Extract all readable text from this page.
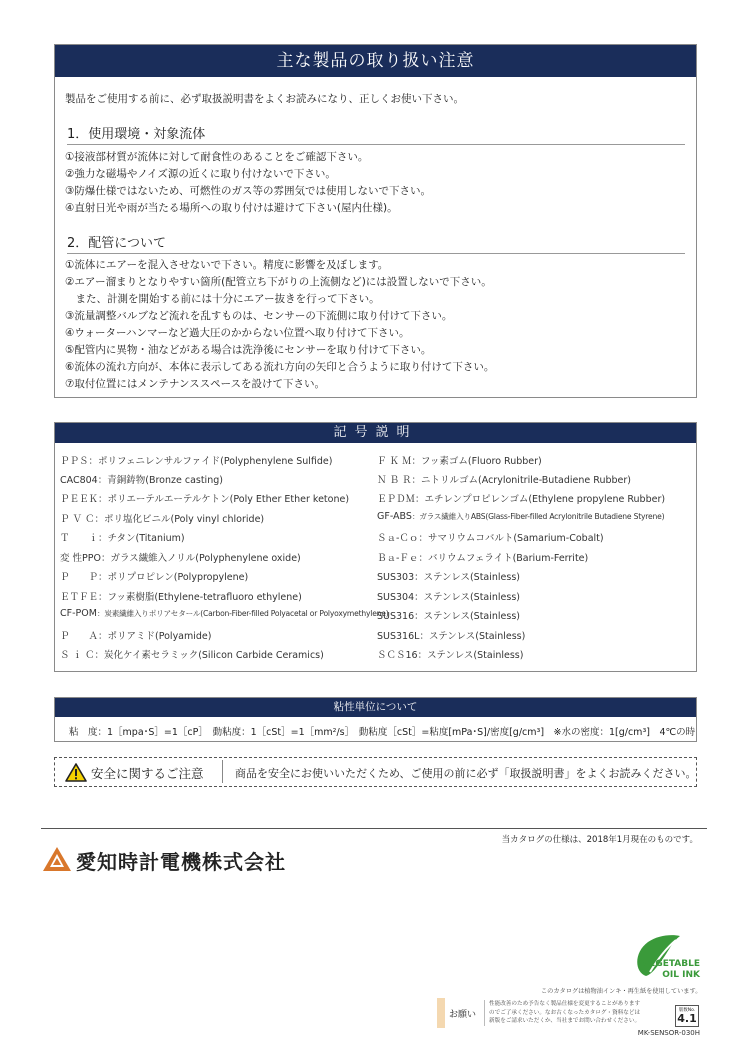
主な製品の取り扱い注意
製品をご使用する前に、必ず取扱説明書をよくお読みになり、正しくお使い下さい。
1．使用環境・対象流体
①接液部材質が流体に対して耐食性のあることをご確認下さい。
②強力な磁場やノイズ源の近くに取り付けないで下さい。
③防爆仕様ではないため、可燃性のガス等の雰囲気では使用しないで下さい。
④直射日光や雨が当たる場所への取り付けは避けて下さい(屋内仕様)。
2．配管について
①流体にエアーを混入させないで下さい。精度に影響を及ぼします。
②エアー溜まりとなりやすい箇所(配管立ち下がりの上流側など)には設置しないで下さい。
　また、計測を開始する前には十分にエアー抜きを行って下さい。
③流量調整バルブなど流れを乱すものは、センサーの下流側に取り付けて下さい。
④ウォーターハンマーなど過大圧のかからない位置へ取り付けて下さい。
⑤配管内に異物・油などがある場合は洗浄後にセンサーを取り付けて下さい。
⑥流体の流れ方向が、本体に表示してある流れ方向の矢印と合うように取り付けて下さい。
⑦取付位置にはメンテナンススペースを設けて下さい。
記号説明
ＰＰＳ：ポリフェニレンサルファイド(Polyphenylene Sulfide)
CAC804：青銅鋳物(Bronze casting)
ＰＥＥＫ：ポリエーテルエーテルケトン(Poly Ether Ether ketone)
Ｐ Ｖ Ｃ：ポリ塩化ビニル(Poly vinyl chloride)
Ｔ　　ｉ：チタン(Titanium)
変 性PPO：ガラス繊維入ノリル(Polyphenylene oxide)
Ｐ　　Ｐ：ポリプロピレン(Polypropylene)
ＥＴＦＥ：フッ素樹脂(Ethylene-tetrafluoro ethylene)
CF-POM：炭素繊維入りポリアセタール(Carbon-Fiber-filled Polyacetal or Polyoxymethylene)
Ｐ　　Ａ：ポリアミド(Polyamide)
Ｓ ｉ Ｃ：炭化ケイ素セラミック(Silicon Carbide Ceramics)
Ｆ Ｋ Ｍ：フッ素ゴム(Fluoro Rubber)
Ｎ Ｂ Ｒ：ニトリルゴム(Acrylonitrile-Butadiene Rubber)
ＥＰＤＭ：エチレンプロピレンゴム(Ethylene propylene Rubber)
GF-ABS：ガラス繊維入りABS(Glass-Fiber-filled Acrylonitrile Butadiene Styrene)
Ｓａ-Ｃｏ：サマリウムコバルト(Samarium-Cobalt)
Ｂａ-Ｆｅ：バリウムフェライト(Barium-Ferrite)
SUS303：ステンレス(Stainless)
SUS304：ステンレス(Stainless)
SUS316：ステンレス(Stainless)
SUS316L：ステンレス(Stainless)
ＳＣＳ16：ステンレス(Stainless)
粘性単位について
粘　度：1［mpa･S］=1［cP］　動粘度：1［cSt］=1［mm²/s］　動粘度［cSt］=粘度[mPa･S]/密度[g/cm³]　※水の密度：1[g/cm³]　4℃の時
安全に関するご注意	商品を安全にお使いいただくため、ご使用の前に必ず「取扱説明書」をよくお読みください。
当カタログの仕様は、2018年1月現在のものです。
愛知時計電機株式会社
VEGETABLE
OIL INK
このカタログは植物油インキ・再生紙を使用しています。
お願い
性能改善のため予告なく製品仕様を変更することがあります
のでご了承ください。なお古くなったカタログ・資料などは
新版をご請求いただくか、当社までお問い合わせください。
版数No.
4.1
MK-SENSOR-030H
